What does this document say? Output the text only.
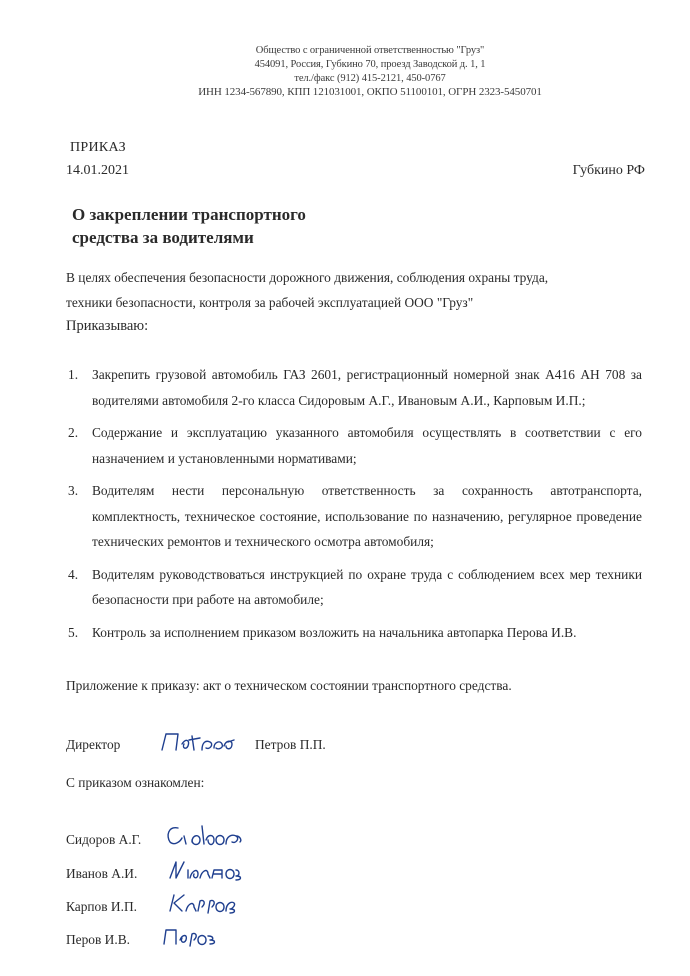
Общество с ограниченной ответственностью "Груз"
454091, Россия, Губкино 70, проезд Заводской д. 1, 1
тел./факс (912) 415-2121, 450-0767
ИНН 1234-567890, КПП 121031001, ОКПО 51100101, ОГРН 2323-5450701
ПРИКАЗ
14.01.2021	Губкино РФ
О закреплении транспортного
средства за водителями
В целях обеспечения безопасности дорожного движения, соблюдения охраны труда,
техники безопасности, контроля за рабочей эксплуатацией ООО "Груз"
Приказываю:
1. Закрепить грузовой автомобиль ГАЗ 2601, регистрационный номерной знак А416 АН 708 за водителями автомобиля 2-го класса Сидоровым А.Г., Ивановым А.И., Карповым И.П.;
2. Содержание и эксплуатацию указанного автомобиля осуществлять в соответствии с его назначением и установленными нормативами;
3. Водителям нести персональную ответственность за сохранность автотранспорта, комплектность, техническое состояние, использование по назначению, регулярное проведение технических ремонтов и технического осмотра автомобиля;
4. Водителям руководствоваться инструкцией по охране труда с соблюдением всех мер техники безопасности при работе на автомобиле;
5. Контроль за исполнением приказом возложить на начальника автопарка Перова И.В.
Приложение к приказу: акт о техническом состоянии транспортного средства.
Директор	Петров П.П.
С приказом ознакомлен:
Сидоров А.Г.
Иванов А.И.
Карпов И.П.
Перов И.В.
